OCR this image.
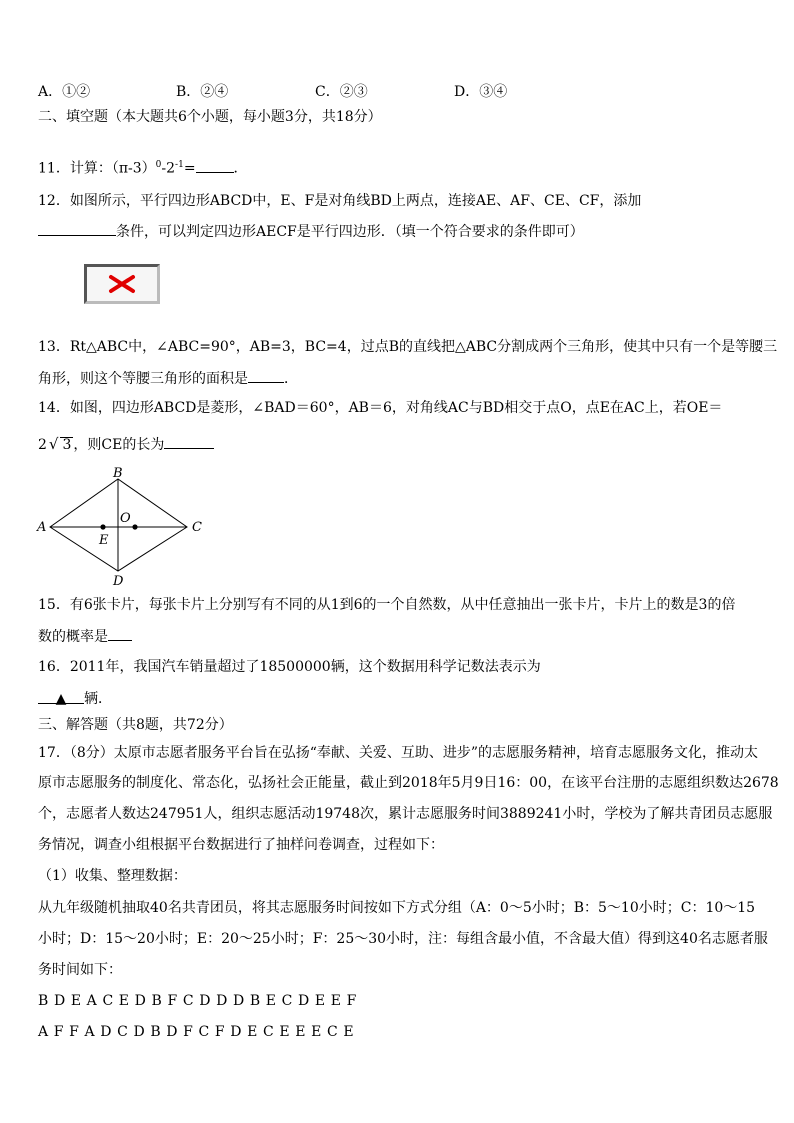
A．①②	B．②④	C．②③	D．③④
二、填空题（本大题共6个小题，每小题3分，共18分）
11．计算：$(\pi-3)^0-2^{-1}=$	．
12．如图所示，平行四边形ABCD中，E、F是对角线BD上两点，连接AE、AF、CE、CF，添加
条件，可以判定四边形AECF是平行四边形．（填一个符合要求的条件即可）
13．Rt△ABC中，∠ABC=90°，AB=3，BC=4，过点B的直线把△ABC分割成两个三角形，使其中只有一个是等腰三
角形，则这个等腰三角形的面积是	．
14．如图，四边形ABCD是菱形，∠BAD＝60°，AB＝6，对角线AC与BD相交于点O，点E在AC上，若OE＝
2 √ 3 ，则CE的长为
A
B
C
D
E
O
15．有6张卡片，每张卡片上分别写有不同的从1到6的一个自然数，从中任意抽出一张卡片，卡片上的数是3的倍
数的概率是
16．2011年，我国汽车销量超过了18500000辆，这个数据用科学记数法表示为
▲ 辆．
三、解答题（共8题，共72分）
17．（8分）太原市志愿者服务平台旨在弘扬“奉献、关爱、互助、进步”的志愿服务精神，培育志愿服务文化，推动太
原市志愿服务的制度化、常态化，弘扬社会正能量，截止到2018年5月9日16：00，在该平台注册的志愿组织数达2678
个，志愿者人数达247951人，组织志愿活动19748次，累计志愿服务时间3889241小时，学校为了解共青团员志愿服
务情况，调查小组根据平台数据进行了抽样问卷调查，过程如下：
（1）收集、整理数据：
从九年级随机抽取40名共青团员，将其志愿服务时间按如下方式分组（A：0～5小时；B：5～10小时；C：10～15
小时；D：15～20小时；E：20～25小时；F：25～30小时，注：每组含最小值，不含最大值）得到这40名志愿者服
务时间如下：
B D E A C E D B F C D D D B E C D E E F
A F F A D C D B D F C F D E C E E E C E
